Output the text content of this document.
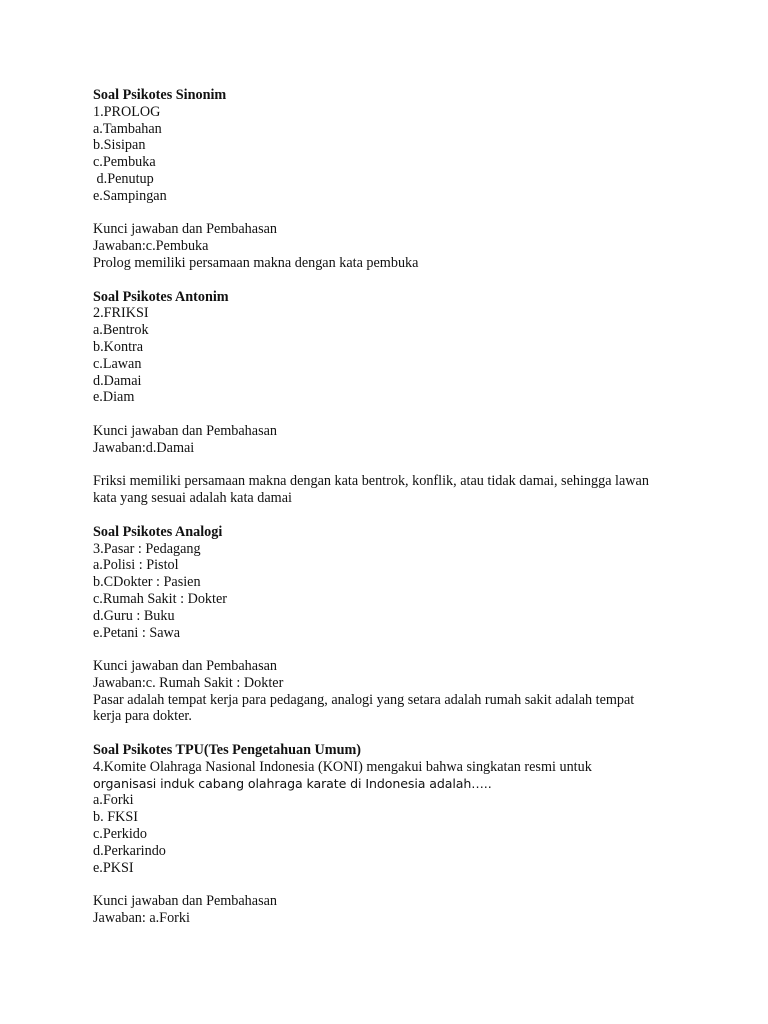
Soal Psikotes Sinonim
1.PROLOG
a.Tambahan
b.Sisipan
c.Pembuka
d.Penutup
e.Sampingan
Kunci jawaban dan Pembahasan
Jawaban:c.Pembuka
Prolog memiliki persamaan makna dengan kata pembuka
Soal Psikotes Antonim
2.FRIKSI
a.Bentrok
b.Kontra
c.Lawan
d.Damai
e.Diam
Kunci jawaban dan Pembahasan
Jawaban:d.Damai
Friksi memiliki persamaan makna dengan kata bentrok, konflik, atau tidak damai, sehingga lawan kata yang sesuai adalah kata damai
Soal Psikotes Analogi
3.Pasar : Pedagang
a.Polisi : Pistol
b.CDokter : Pasien
c.Rumah Sakit : Dokter
d.Guru : Buku
e.Petani : Sawa
Kunci jawaban dan Pembahasan
Jawaban:c. Rumah Sakit : Dokter
Pasar adalah tempat kerja para pedagang, analogi yang setara adalah rumah sakit adalah tempat kerja para dokter.
Soal Psikotes TPU(Tes Pengetahuan Umum)
4.Komite Olahraga Nasional Indonesia (KONI) mengakui bahwa singkatan resmi untuk
organisasi induk cabang olahraga karate di Indonesia adalah…..
a.Forki
b. FKSI
c.Perkido
d.Perkarindo
e.PKSI
Kunci jawaban dan Pembahasan
Jawaban: a.Forki
